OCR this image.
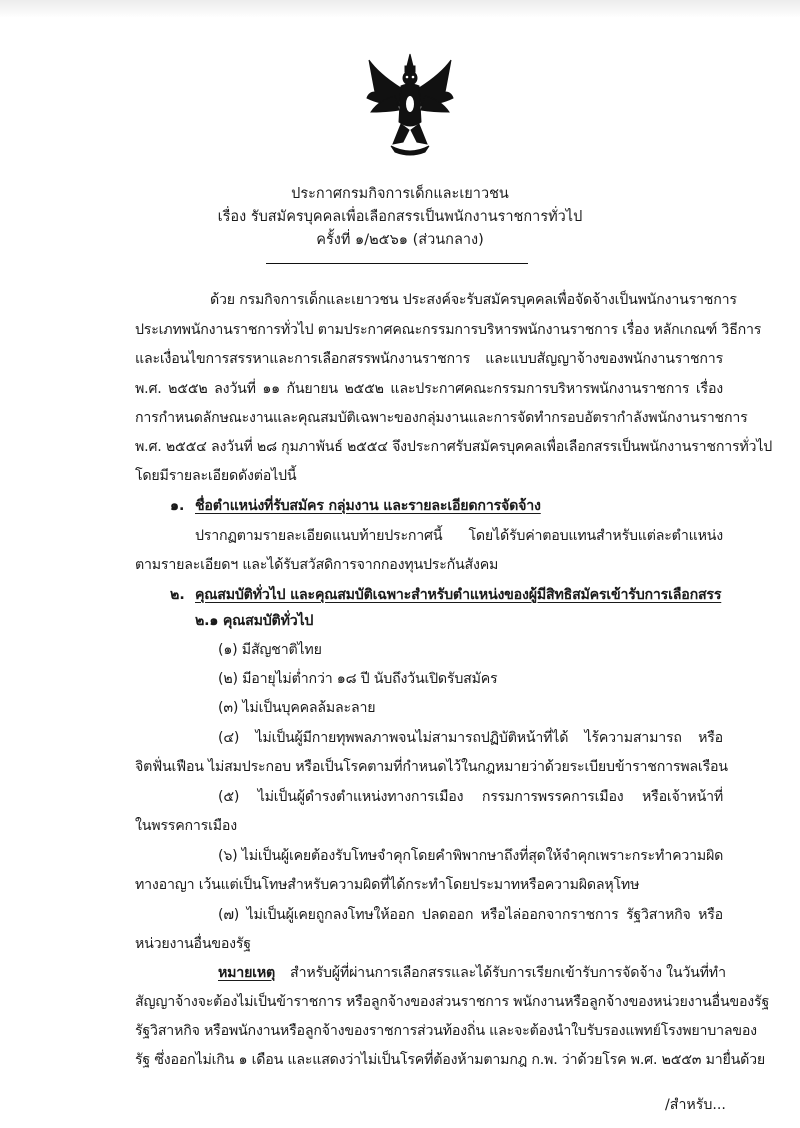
ประกาศกรมกิจการเด็กและเยาวชน
เรื่อง รับสมัครบุคคลเพื่อเลือกสรรเป็นพนักงานราชการทั่วไป
ครั้งที่ ๑/๒๕๖๑ (ส่วนกลาง)
ด้วย กรมกิจการเด็กและเยาวชน ประสงค์จะรับสมัครบุคคลเพื่อจัดจ้างเป็นพนักงานราชการ
ประเภทพนักงานราชการทั่วไป ตามประกาศคณะกรรมการบริหารพนักงานราชการ เรื่อง หลักเกณฑ์ วิธีการ
และเงื่อนไขการสรรหาและการเลือกสรรพนักงานราชการ และแบบสัญญาจ้างของพนักงานราชการ
พ.ศ. ๒๕๕๒ ลงวันที่ ๑๑ กันยายน ๒๕๕๒ และประกาศคณะกรรมการบริหารพนักงานราชการ เรื่อง
การกำหนดลักษณะงานและคุณสมบัติเฉพาะของกลุ่มงานและการจัดทำกรอบอัตรากำลังพนักงานราชการ
พ.ศ. ๒๕๕๔ ลงวันที่ ๒๘ กุมภาพันธ์ ๒๕๕๔ จึงประกาศรับสมัครบุคคลเพื่อเลือกสรรเป็นพนักงานราชการทั่วไป
โดยมีรายละเอียดดังต่อไปนี้
๑. ชื่อตำแหน่งที่รับสมัคร กลุ่มงาน และรายละเอียดการจัดจ้าง
ปรากฏตามรายละเอียดแนบท้ายประกาศนี้ โดยได้รับค่าตอบแทนสำหรับแต่ละตำแหน่ง
ตามรายละเอียดฯ และได้รับสวัสดิการจากกองทุนประกันสังคม
๒. คุณสมบัติทั่วไป และคุณสมบัติเฉพาะสำหรับตำแหน่งของผู้มีสิทธิสมัครเข้ารับการเลือกสรร
๒.๑ คุณสมบัติทั่วไป
(๑) มีสัญชาติไทย
(๒) มีอายุไม่ต่ำกว่า ๑๘ ปี นับถึงวันเปิดรับสมัคร
(๓) ไม่เป็นบุคคลล้มละลาย
(๔) ไม่เป็นผู้มีกายทุพพลภาพจนไม่สามารถปฏิบัติหน้าที่ได้ ไร้ความสามารถ หรือ
จิตฟั่นเฟือน ไม่สมประกอบ หรือเป็นโรคตามที่กำหนดไว้ในกฎหมายว่าด้วยระเบียบข้าราชการพลเรือน
(๕) ไม่เป็นผู้ดำรงตำแหน่งทางการเมือง กรรมการพรรคการเมือง หรือเจ้าหน้าที่
ในพรรคการเมือง
(๖) ไม่เป็นผู้เคยต้องรับโทษจำคุกโดยคำพิพากษาถึงที่สุดให้จำคุกเพราะกระทำความผิด
ทางอาญา เว้นแต่เป็นโทษสำหรับความผิดที่ได้กระทำโดยประมาทหรือความผิดลหุโทษ
(๗) ไม่เป็นผู้เคยถูกลงโทษให้ออก ปลดออก หรือไล่ออกจากราชการ รัฐวิสาหกิจ หรือ
หน่วยงานอื่นของรัฐ
หมายเหตุ สำหรับผู้ที่ผ่านการเลือกสรรและได้รับการเรียกเข้ารับการจัดจ้าง ในวันที่ทำ
สัญญาจ้างจะต้องไม่เป็นข้าราชการ หรือลูกจ้างของส่วนราชการ พนักงานหรือลูกจ้างของหน่วยงานอื่นของรัฐ
รัฐวิสาหกิจ หรือพนักงานหรือลูกจ้างของราชการส่วนท้องถิ่น และจะต้องนำใบรับรองแพทย์โรงพยาบาลของ
รัฐ ซึ่งออกไม่เกิน ๑ เดือน และแสดงว่าไม่เป็นโรคที่ต้องห้ามตามกฎ ก.พ. ว่าด้วยโรค พ.ศ. ๒๕๕๓ มายื่นด้วย
/สำหรับ...
